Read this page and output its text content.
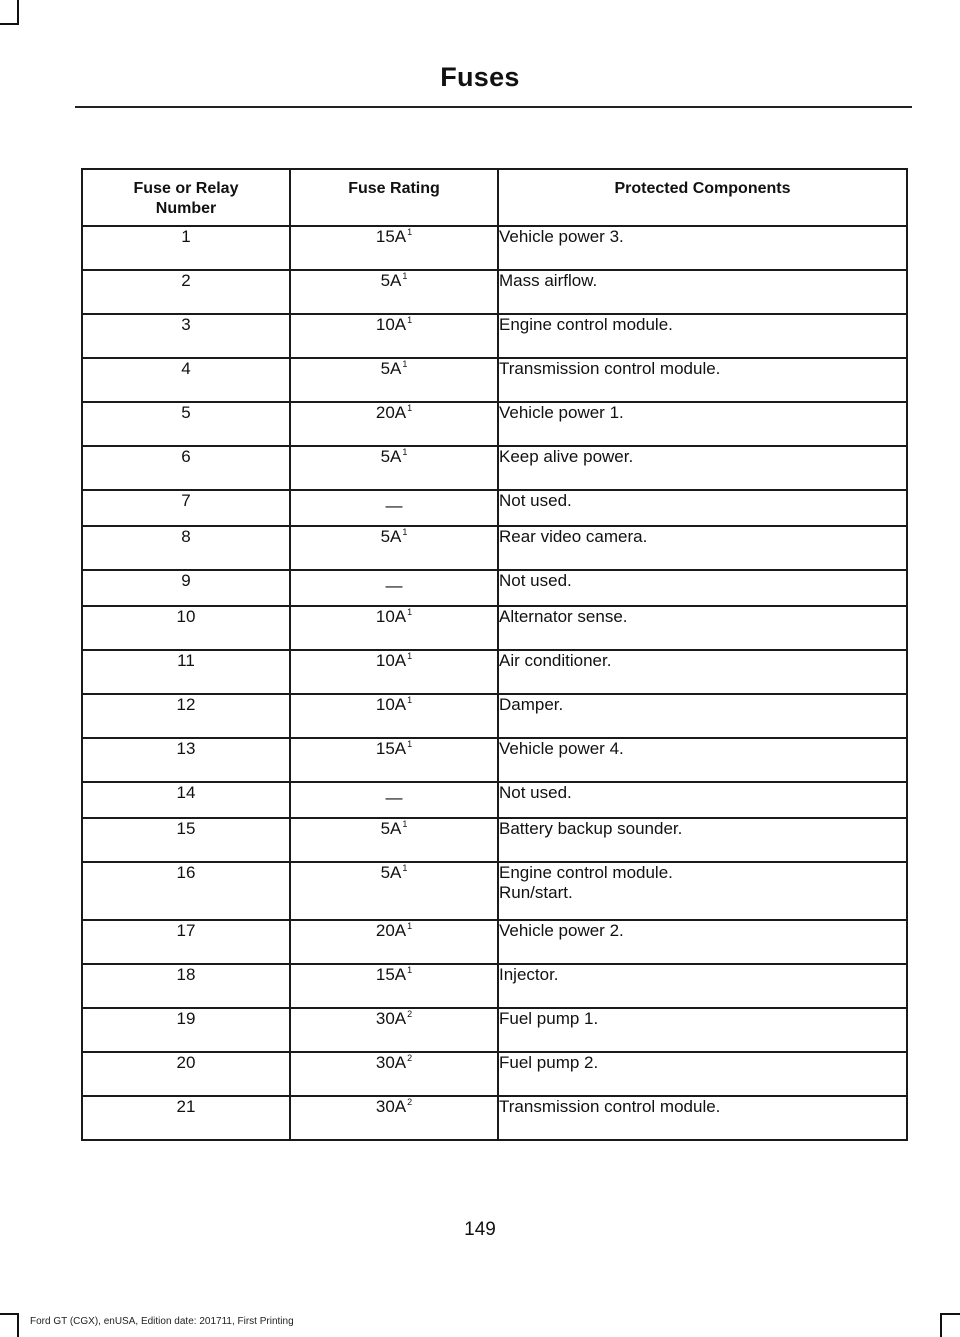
Fuses
Fuse or Relay Number	Fuse Rating	Protected Components
1	$15A^1$	Vehicle power 3.

2	$5A^1$	Mass airflow.

3	$10A^1$	Engine control module.

4	$5A^1$	Transmission control module.

5	$20A^1$	Vehicle power 1.

6	$5A^1$	Keep alive power.

7	—	Not used.

8	$5A^1$	Rear video camera.

9	—	Not used.

10	$10A^1$	Alternator sense.

11	$10A^1$	Air conditioner.

12	$10A^1$	Damper.

13	$15A^1$	Vehicle power 4.

14	—	Not used.

15	$5A^1$	Battery backup sounder.

16	$5A^1$	Engine control module.
Run/start.

17	$20A^1$	Vehicle power 2.

18	$15A^1$	Injector.

19	$30A^2$	Fuel pump 1.

20	$30A^2$	Fuel pump 2.

21	$30A^2$	Transmission control module.
149
Ford GT (CGX), enUSA, Edition date: 201711, First Printing
